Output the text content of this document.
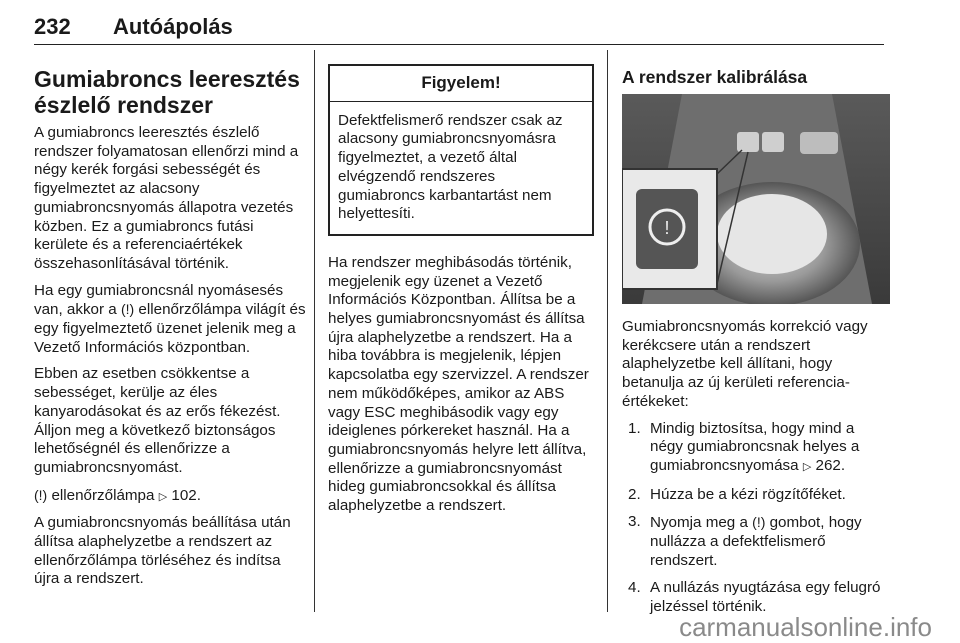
232 Autóápolás
Gumiabroncs leeresztés észlelő rendszer

A gumiabroncs leeresztés észlelő rendszer folyamatosan ellenőrzi mind a négy kerék forgási sebességét és figyelmeztet az alacsony gumiabroncsnyomás állapotra vezetés közben. Ez a gumiabroncs futási kerülete és a referenciaértékek összehasonlításával történik.

Ha egy gumiabroncsnál nyomásesés van, akkor a (!) ellenőrzőlámpa világít és egy figyelmeztető üzenet jelenik meg a Vezető Információs központban.

Ebben az esetben csökkentse a sebességet, kerülje az éles kanyarodásokat és az erős fékezést. Álljon meg a következő biztonságos lehetőségnél és ellenőrizze a gumiabroncsnyomást.

(!) ellenőrzőlámpa ▷ 102.

A gumiabroncsnyomás beállítása után állítsa alaphelyzetbe a rendszert az ellenőrzőlámpa törléséhez és indítsa újra a rendszert.

Figyelem!
Defektfelismerő rendszer csak az alacsony gumiabroncsnyomásra figyelmeztet, a vezető által elvégzendő rendszeres gumiabroncs karbantartást nem helyettesíti.

Ha rendszer meghibásodás történik, megjelenik egy üzenet a Vezető Információs Központban. Állítsa be a helyes gumiabroncsnyomást és állítsa újra alaphelyzetbe a rendszert. Ha a hiba továbbra is megjelenik, lépjen kapcsolatba egy szervizzel. A rendszer nem működőképes, amikor az ABS vagy ESC meghibásodik vagy egy ideiglenes pórkereket használ. Ha a gumiabroncsnyomás helyre lett állítva, ellenőrizze a gumiabroncsnyomást hideg gumiabroncsokkal és állítsa alaphelyzetbe a rendszert.

A rendszer kalibrálása
!

Gumiabroncsnyomás korrekció vagy kerékcsere után a rendszert alaphelyzetbe kell állítani, hogy betanulja az új kerületi referencia-értékeket:

1. Mindig biztosítsa, hogy mind a négy gumiabroncsnak helyes a gumiabroncsnyomása ▷ 262.
2. Húzza be a kézi rögzítőféket.
3. Nyomja meg a (!) gombot, hogy nullázza a defektfelismerő rendszert.
4. A nullázás nyugtázása egy felugró jelzéssel történik.
carmanualsonline.info
